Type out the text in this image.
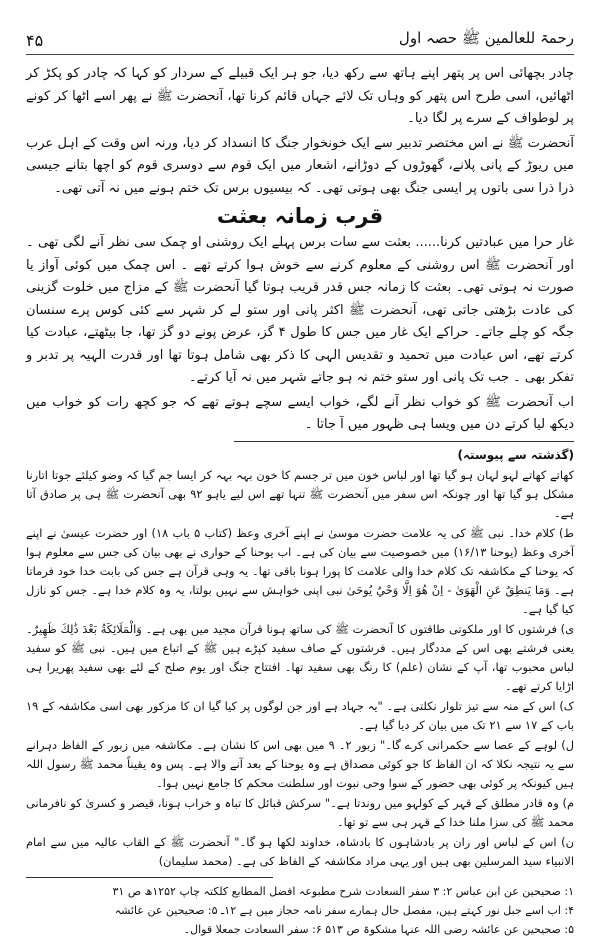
۴۵	رحمۃ للعالمین ﷺ حصہ اول

چادر بچھائی اس پر پتھر اپنے ہاتھ سے رکھ دیا، جو ہر ایک قبیلے کے سردار کو کہا کہ چادر کو پکڑ کر اٹھائیں، اسی طرح اس پتھر کو وہاں تک لائے جہاں قائم کرنا تھا، آنحضرت ﷺ نے پھر اسے اٹھا کر کونے پر لوطواف کے سرے پر لگا دیا۔

آنحضرت ﷺ نے اس مختصر تدبیر سے ایک خونخوار جنگ کا انسداد کر دیا، ورنہ اس وقت کے اہل عرب میں ریوڑ کے پانی پلانے، گھوڑوں کے دوڑانے، اشعار میں ایک قوم سے دوسری قوم کو اچھا بتانے جیسی ذرا ذرا سی باتوں پر ایسی جنگ بھی ہوتی تھی۔ کہ بیسیوں برس تک ختم ہونے میں نہ آتی تھی۔

قرب زمانہ بعثت

غار حرا میں عبادتیں کرنا...... بعثت سے سات برس پہلے ایک روشنی او چمک سی نظر آنے لگی تھی ۔ اور آنحضرت ﷺ اس روشنی کے معلوم کرنے سے خوش ہوا کرتے تھے ۔ اس چمک میں کوئی آواز یا صورت نہ ہوتی تھی۔ بعثت کا زمانہ جس قدر قریب ہوتا گیا آنحضرت ﷺ کے مزاج میں خلوت گزینی کی عادت بڑھتی جاتی تھی، آنحضرت ﷺ اکثر پانی اور ستو لے کر شہر سے کئی کوس پرے سنسان جگہ کو چلے جاتے۔ حراکے ایک غار میں جس کا طول ۴ گز، عرض پونے دو گز تھا، جا بیٹھتے، عبادت کیا کرتے تھے، اس عبادت میں تحمید و تقدیس الہی کا ذکر بھی شامل ہوتا تھا اور قدرت الہیہ پر تدبر و تفکر بھی ۔ جب تک پانی اور ستو ختم نہ ہو جاتے شہر میں نہ آیا کرتے۔

اب آنحضرت ﷺ کو خواب نظر آنے لگے، خواب ایسے سچے ہوتے تھے کہ جو کچھ رات کو خواب میں دیکھ لیا کرتے دن میں ویسا ہی ظہور میں آ جاتا ۔

(گذشتہ سے پیوستہ)

کھاتے کھاتے لہو لہان ہو گیا تھا اور لباس خون میں تر جسم کا خون بہہ بہہ کر ایسا جم گیا کہ وضو کیلئے جوتا اتارنا مشکل ہو گیا تھا اور چونکہ اس سفر میں آنحضرت ﷺ تنہا تھے اس لیے یاہو ۹۲ بھی آنحضرت ﷺ ہی پر صادق آتا ہے۔

ط) کلام خدا۔ نبی ﷺ کی یہ علامت حضرت موسیٰ نے اپنے آخری وعظ (کتاب ۵ باب ۱۸) اور حضرت عیسیٰ نے اپنے آخری وعظ (یوحنا ۱۶/۱۳) میں خصوصیت سے بیان کی ہے۔ اب یوحنا کے حواری نے بھی بیان کی جس سے معلوم ہوا کہ یوحنا کے مکاشفہ تک کلام خدا والی علامت کا پورا ہونا باقی تھا۔ یہ وہی قرآن ہے جس کی بابت خدا خود فرماتا ہے۔ وَمَا یَنطِقُ عَنِ الْهَوَىٰ - اِنْ هُوَ اِلَّا وَحْيٌ يُوحَىٰ نبی اپنی خواہش سے نہیں بولتا، یہ وہ کلام خدا ہے۔ جس کو نازل کیا گیا ہے۔

ی) فرشتوں کا اور ملکوتی طاقتوں کا آنحضرت ﷺ کی ساتھ ہونا قرآن مجید میں بھی ہے۔ وَالْمَلَائِكَةُ بَعْدَ ذَٰلِكَ ظَهِيرٌ۔ یعنی فرشتے بھی اس کے مددگار ہیں۔ فرشتوں کے صاف سفید کپڑے ہیں ﷺ کے اتباع میں ہیں۔ نبی ﷺ کو سفید لباس محبوب تھا، آپ کے نشان (علم) کا رنگ بھی سفید تھا۔ افتتاح جنگ اور یوم صلح کے لئے بھی سفید پھریرا ہی اڑایا کرتے تھے۔

ک) اس کے منہ سے تیز تلوار نکلتی ہے۔ "یہ جہاد ہے اور جن لوگوں پر کیا گیا ان کا مزکور بھی اسی مکاشفہ کے ۱۹ باب کے ۱۷ سے ۲۱ تک میں بیان کر دیا گیا ہے۔

ل) لوہے کے عصا سے حکمرانی کرے گا۔" زبور ۲۔ ۹ میں بھی اس کا نشان ہے۔ مکاشفہ میں زبور کے الفاظ دہرانے سے یہ نتیجہ نکلا کہ ان الفاظ کا جو کوئی مصداق ہے وہ یوحنا کے بعد آنے والا ہے۔ پس وہ یقیناً محمد ﷺ رسول اللہ ہیں کیونکہ پر کوئی بھی حضور کے سوا وحی نبوت اور سلطنت محکم کا جامع نہیں ہوا۔

م) وہ قادر مطلق کے قہر کے کولہو میں روندتا ہے۔" سرکش قبائل کا تباہ و خراب ہونا، قیصر و کسریٰ کو نافرمانی محمد ﷺ کی سزا ملنا خدا کے قہر ہی سے تو تھا۔

ن) اس کے لباس اور ران پر بادشاہوں کا بادشاہ، خداوند لکھا ہو گا۔" آنحضرت ﷺ کے القاب عالیہ میں سے امام الانبیاء سید المرسلین بھی ہیں اور یہی مراد مکاشفہ کے الفاظ کی ہے۔ (محمد سلیمان)

۱: صحیحین عن ابن عباس ۲: ۳ سفر السعادت شرح مطبوعہ افضل المطابع کلکتہ چاپ ۱۲۵۲ھ ص ۳۱

۴: اب اسے جبل نور کہتے ہیں، مفصل حال ہمارے سفر نامہ حجاز میں ہے ۱۲ـ ۵: صحیحین عن عائشہ

۵: صحیحین عن عائشہ رضی اللہ عنہا مشکوۃ ص ۵۱۳ ۶: سفر السعادت جمعلا قوال۔
